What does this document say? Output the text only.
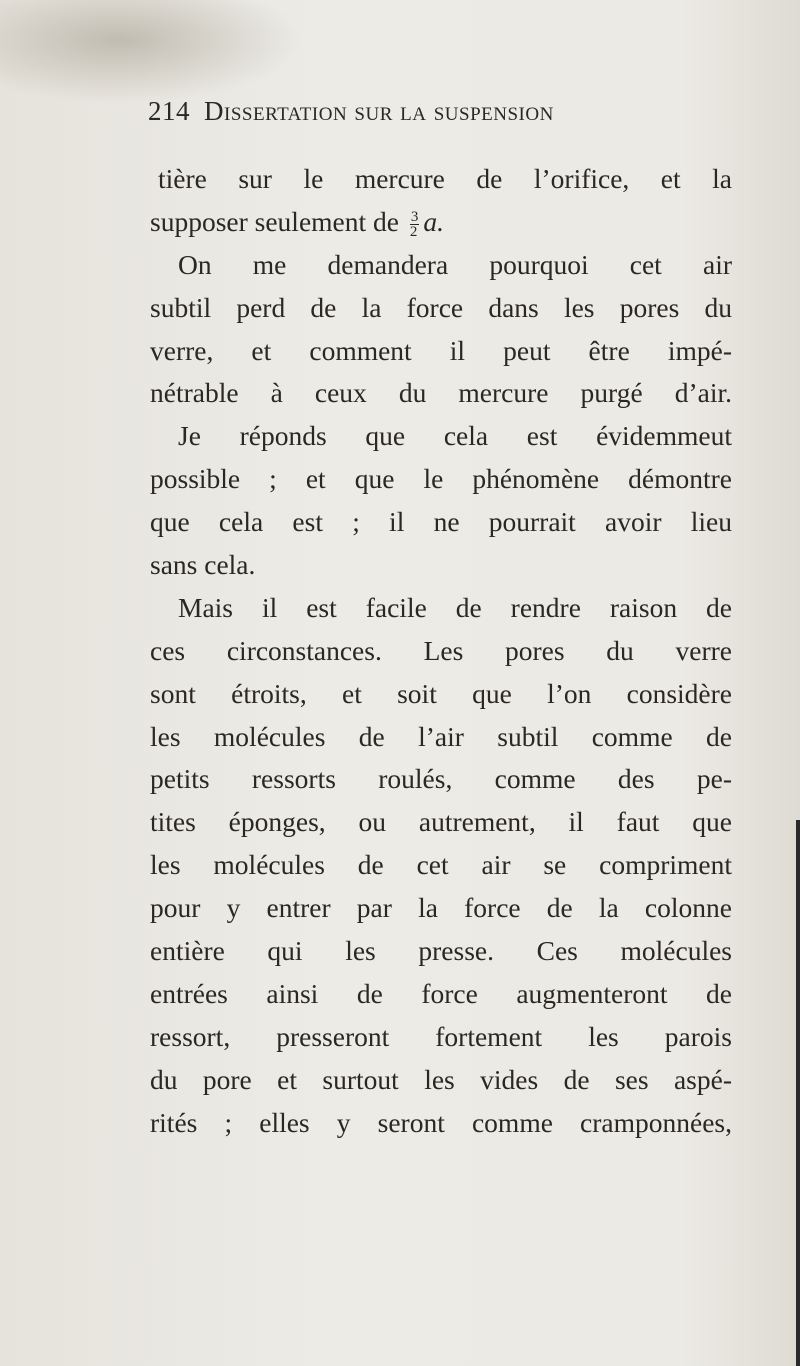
214 Dissertation sur la suspension
tière sur le mercure de l’orifice, et la
supposer seulement de $\frac{3}{2} a$.
On me demandera pourquoi cet air
subtil perd de la force dans les pores du
verre, et comment il peut être impé-
nétrable à ceux du mercure purgé d’air.
Je réponds que cela est évidemmeut
possible ; et que le phénomène démontre
que cela est ; il ne pourrait avoir lieu
sans cela.
Mais il est facile de rendre raison de
ces circonstances. Les pores du verre
sont étroits, et soit que l’on considère
les molécules de l’air subtil comme de
petits ressorts roulés, comme des pe-
tites éponges, ou autrement, il faut que
les molécules de cet air se compriment
pour y entrer par la force de la colonne
entière qui les presse. Ces molécules
entrées ainsi de force augmenteront de
ressort, presseront fortement les parois
du pore et surtout les vides de ses aspé-
rités ; elles y seront comme cramponnées,
